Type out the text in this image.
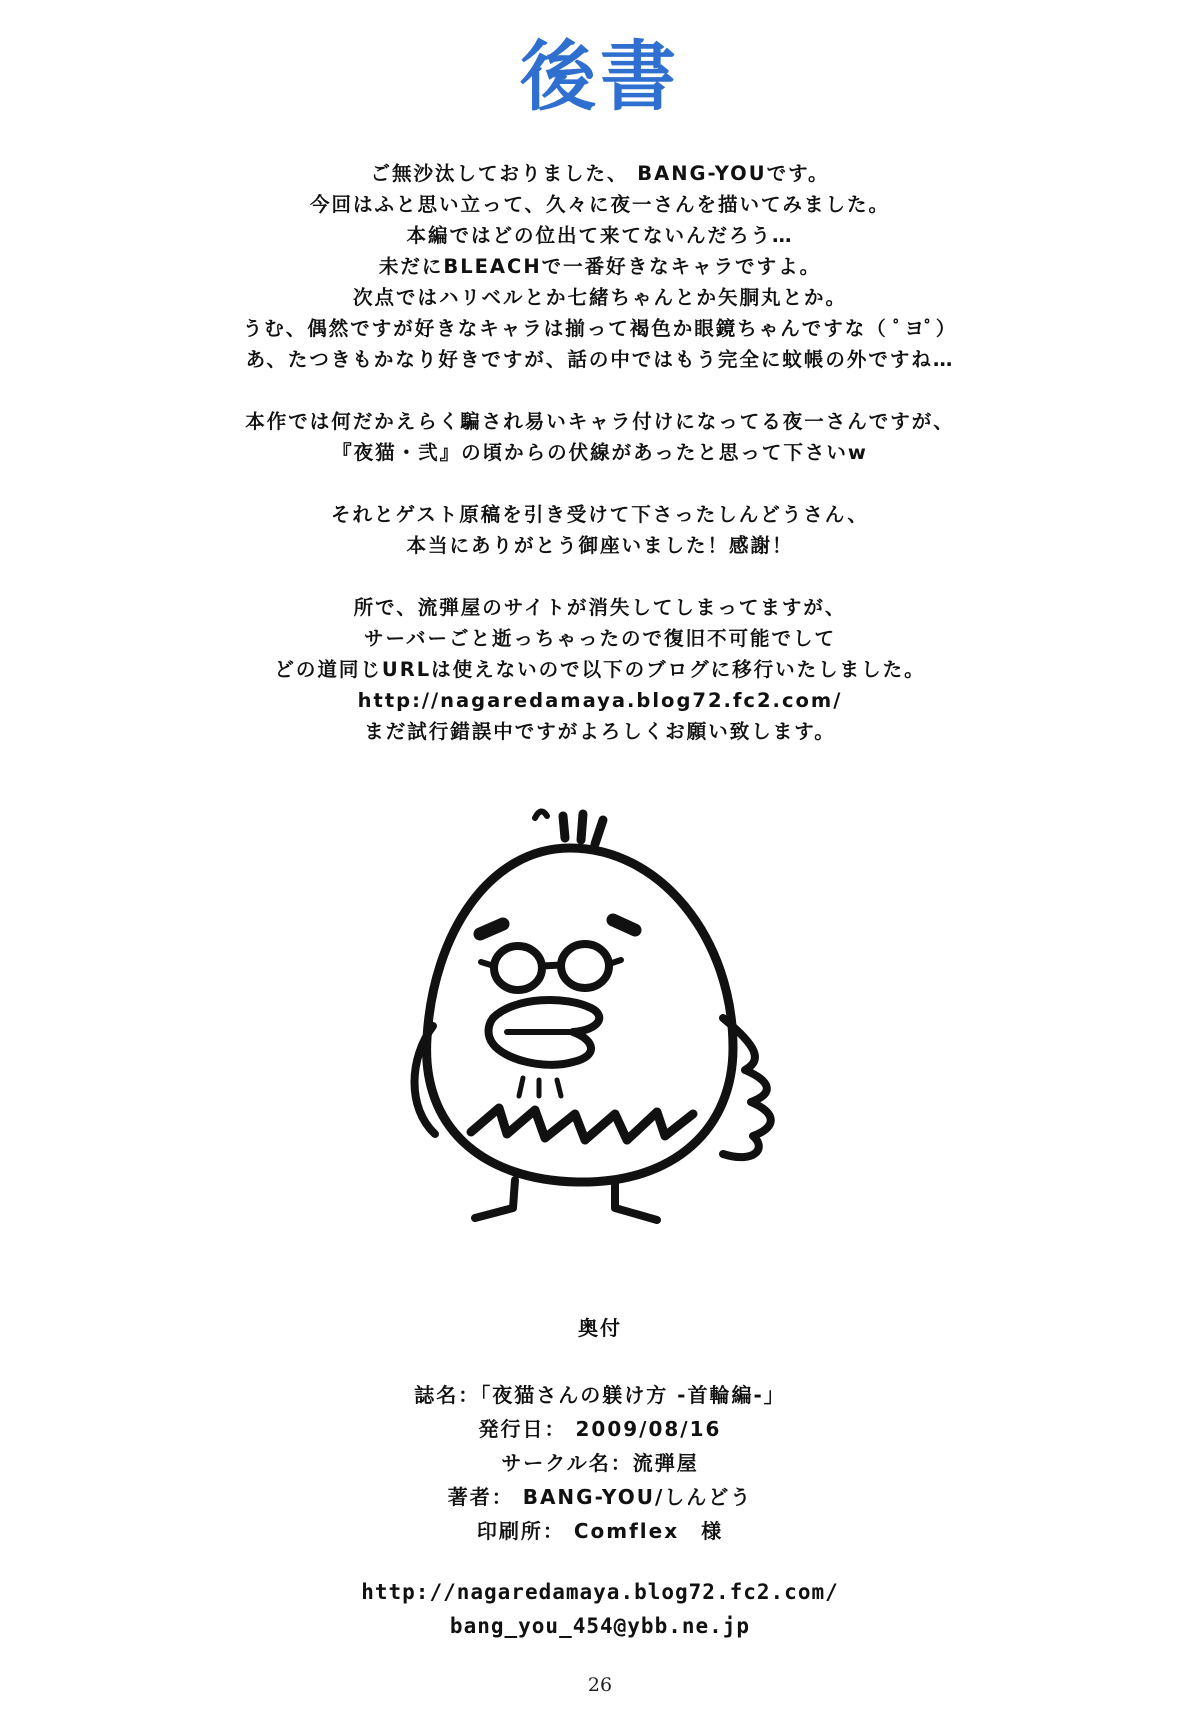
後書
ご無沙汰しておりました、 BANG-YOUです。
今回はふと思い立って、久々に夜一さんを描いてみました。
本編ではどの位出て来てないんだろう…
未だにBLEACHで一番好きなキャラですよ。
次点ではハリベルとか七緒ちゃんとか矢胴丸とか。
うむ、偶然ですが好きなキャラは揃って褐色か眼鏡ちゃんですな（ ﾟヨﾟ）
あ、たつきもかなり好きですが、話の中ではもう完全に蚊帳の外ですね…
本作では何だかえらく騙され易いキャラ付けになってる夜一さんですが、
『夜猫・弐』の頃からの伏線があったと思って下さいw
それとゲスト原稿を引き受けて下さったしんどうさん、
本当にありがとう御座いました！感謝！
所で、流弾屋のサイトが消失してしまってますが、
サーバーごと逝っちゃったので復旧不可能でして
どの道同じURLは使えないので以下のブログに移行いたしました。
http://nagaredamaya.blog72.fc2.com/
まだ試行錯誤中ですがよろしくお願い致します。
奥付
誌名：「夜猫さんの躾け方 -首輪編-」
発行日： 2009/08/16
サークル名：流弾屋
著者： BANG-YOU/しんどう
印刷所： Comflex　様
http://nagaredamaya.blog72.fc2.com/
bang_you_454@ybb.ne.jp
26
